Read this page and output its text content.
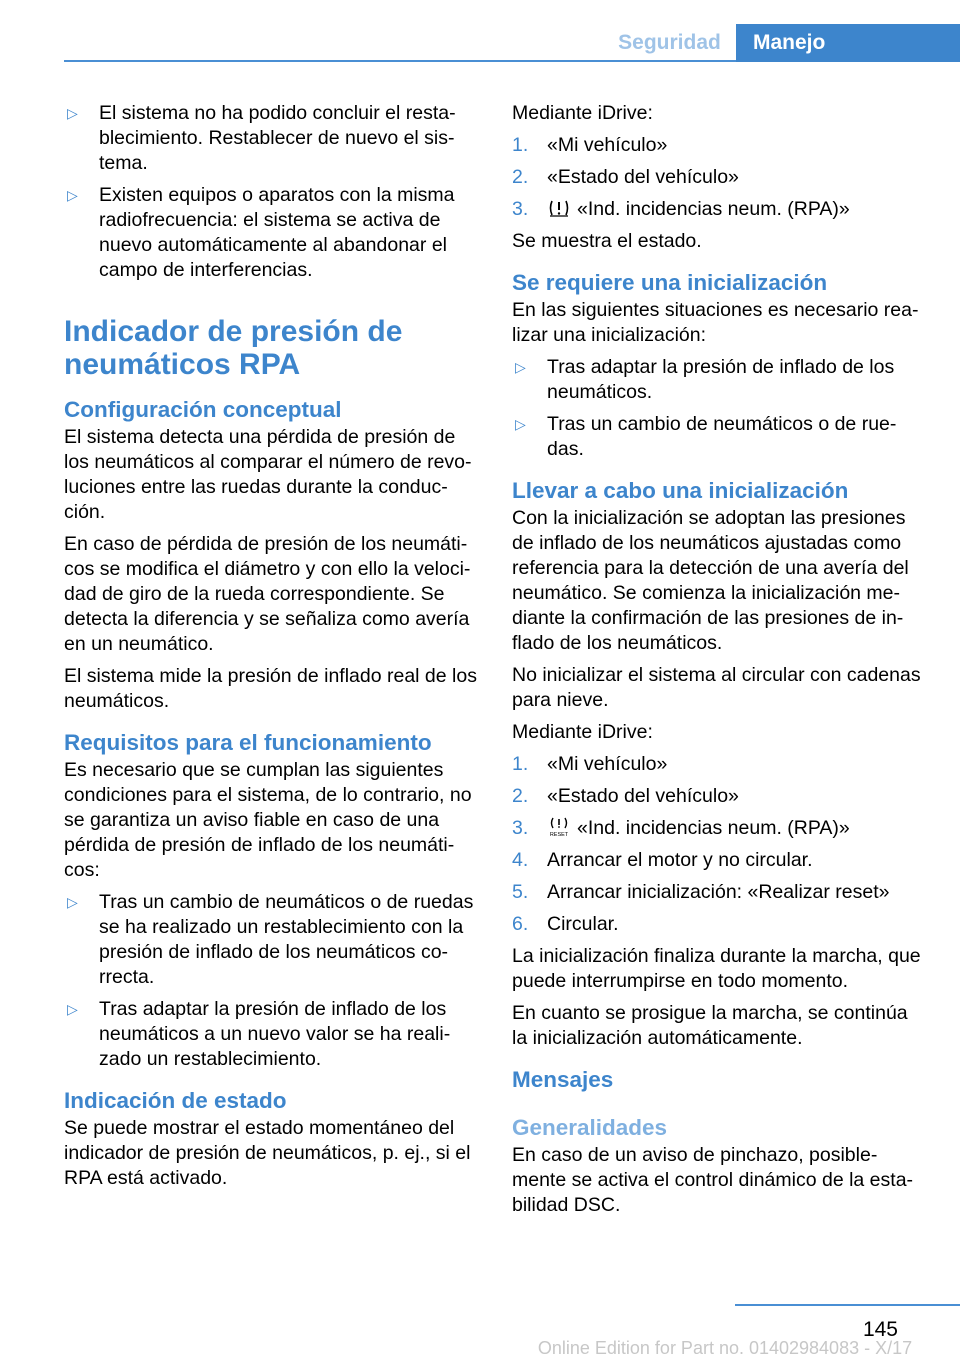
Seguridad	Manejo
▷	El sistema no ha podido concluir el resta-blecimiento. Restablecer de nuevo el sis-tema.
▷	Existen equipos o aparatos con la misma radiofrecuencia: el sistema se activa de nuevo automáticamente al abandonar el campo de interferencias.
Indicador de presión de neumáticos RPA
Configuración conceptual

El sistema detecta una pérdida de presión de los neumáticos al comparar el número de revo-luciones entre las ruedas durante la conduc-ción.

En caso de pérdida de presión de los neumáti-cos se modifica el diámetro y con ello la veloci-dad de giro de la rueda correspondiente. Se detecta la diferencia y se señaliza como avería en un neumático.

El sistema mide la presión de inflado real de los neumáticos.

Requisitos para el funcionamiento

Es necesario que se cumplan las siguientes condiciones para el sistema, de lo contrario, no se garantiza un aviso fiable en caso de una pérdida de presión de inflado de los neumáti-cos:

▷	Tras un cambio de neumáticos o de ruedas se ha realizado un restablecimiento con la presión de inflado de los neumáticos co-rrecta.
▷	Tras adaptar la presión de inflado de los neumáticos a un nuevo valor se ha reali-zado un restablecimiento.
Indicación de estado

Se puede mostrar el estado momentáneo del indicador de presión de neumáticos, p. ej., si el RPA está activado.

Mediante iDrive:

1. «Mi vehículo»
2. «Estado del vehículo»
3.	«Ind. incidencias neum. (RPA)»

Se muestra el estado.

Se requiere una inicialización

En las siguientes situaciones es necesario rea-lizar una inicialización:

▷	Tras adaptar la presión de inflado de los neumáticos.
▷	Tras un cambio de neumáticos o de rue-das.
Llevar a cabo una inicialización

Con la inicialización se adoptan las presiones de inflado de los neumáticos ajustadas como referencia para la detección de una avería del neumático. Se comienza la inicialización me-diante la confirmación de las presiones de in-flado de los neumáticos.

No inicializar el sistema al circular con cadenas para nieve.

Mediante iDrive:

1. «Mi vehículo»
2. «Estado del vehículo»
3.	RESET «Ind. incidencias neum. (RPA)»
4. Arrancar el motor y no circular.
5. Arrancar inicialización: «Realizar reset»
6. Circular.

La inicialización finaliza durante la marcha, que puede interrumpirse en todo momento.

En cuanto se prosigue la marcha, se continúa la inicialización automáticamente.

Mensajes
Generalidades

En caso de un aviso de pinchazo, posible-mente se activa el control dinámico de la esta-bilidad DSC.

145
Online Edition for Part no. 01402984083 - X/17
